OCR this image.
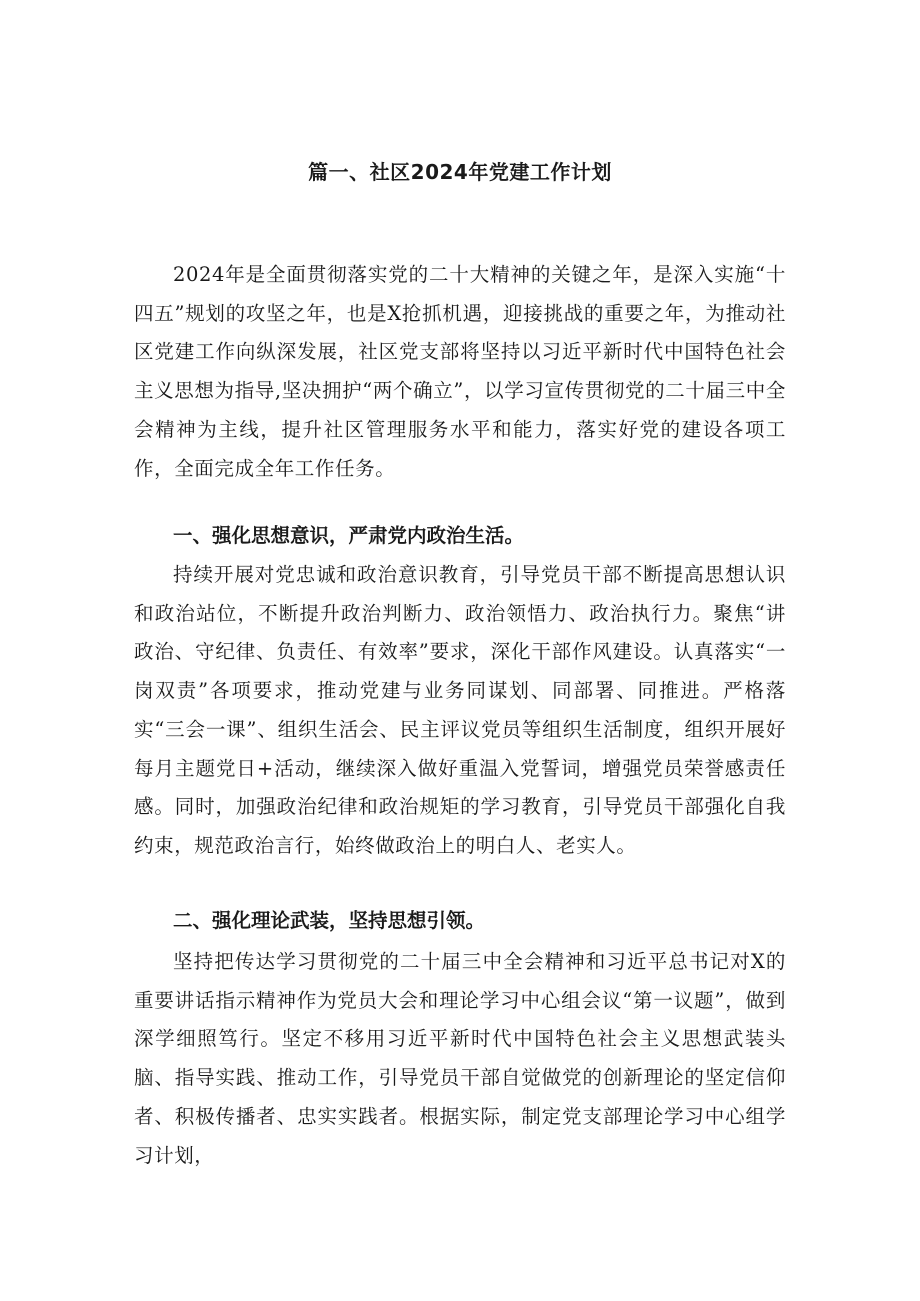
篇一、社区2024年党建工作计划
2024年是全面贯彻落实党的二十大精神的关键之年，是深入实施“十四五”规划的攻坚之年，也是X抢抓机遇，迎接挑战的重要之年，为推动社区党建工作向纵深发展，社区党支部将坚持以习近平新时代中国特色社会主义思想为指导,坚决拥护“两个确立”，以学习宣传贯彻党的二十届三中全会精神为主线，提升社区管理服务水平和能力，落实好党的建设各项工作，全面完成全年工作任务。
一、强化思想意识，严肃党内政治生活。
持续开展对党忠诚和政治意识教育，引导党员干部不断提高思想认识和政治站位，不断提升政治判断力、政治领悟力、政治执行力。聚焦“讲政治、守纪律、负责任、有效率”要求，深化干部作风建设。认真落实“一岗双责”各项要求，推动党建与业务同谋划、同部署、同推进。严格落实“三会一课”、组织生活会、民主评议党员等组织生活制度，组织开展好每月主题党日+活动，继续深入做好重温入党誓词，增强党员荣誉感责任感。同时，加强政治纪律和政治规矩的学习教育，引导党员干部强化自我约束，规范政治言行，始终做政治上的明白人、老实人。
二、强化理论武装，坚持思想引领。
坚持把传达学习贯彻党的二十届三中全会精神和习近平总书记对X的重要讲话指示精神作为党员大会和理论学习中心组会议“第一议题”，做到深学细照笃行。坚定不移用习近平新时代中国特色社会主义思想武装头脑、指导实践、推动工作，引导党员干部自觉做党的创新理论的坚定信仰者、积极传播者、忠实实践者。根据实际，制定党支部理论学习中心组学习计划，
